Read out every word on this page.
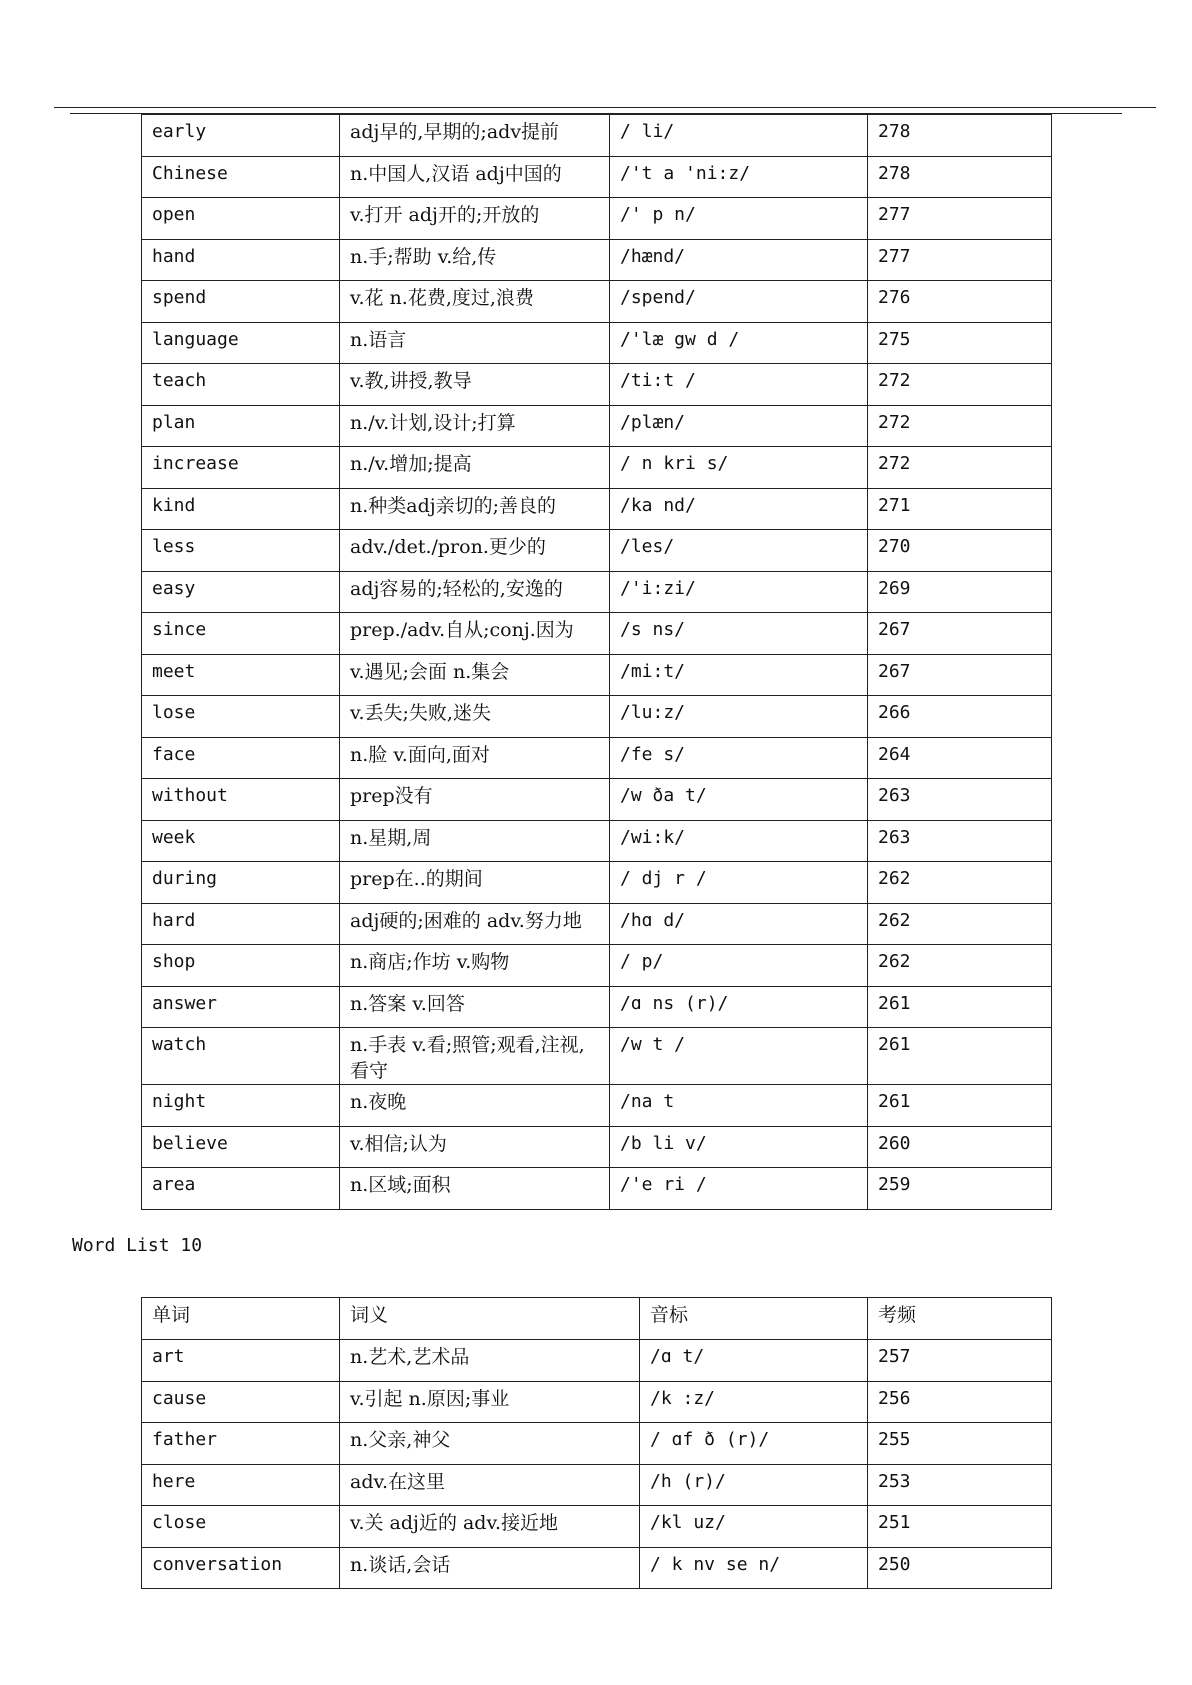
early	adj早的,早期的;adv提前	/ li/	278
Chinese	n.中国人,汉语 adj中国的	/'t a 'ni:z/	278
open	v.打开 adj开的;开放的	/' p n/	277
hand	n.手;帮助 v.给,传	/hænd/	277
spend	v.花 n.花费,度过,浪费	/spend/	276
language	n.语言	/'læ gw d /	275
teach	v.教,讲授,教导	/ti:t /	272
plan	n./v.计划,设计;打算	/plæn/	272
increase	n./v.增加;提高	/ n kri s/	272
kind	n.种类adj亲切的;善良的	/ka nd/	271
less	adv./det./pron.更少的	/les/	270
easy	adj容易的;轻松的,安逸的	/'i:zi/	269
since	prep./adv.自从;conj.因为	/s ns/	267
meet	v.遇见;会面 n.集会	/mi:t/	267
lose	v.丢失;失败,迷失	/lu:z/	266
face	n.脸 v.面向,面对	/fe s/	264
without	prep没有	/w ða t/	263
week	n.星期,周	/wi:k/	263
during	prep在..的期间	/ dj r /	262
hard	adj硬的;困难的 adv.努力地	/hɑ d/	262
shop	n.商店;作坊 v.购物	/ p/	262
answer	n.答案 v.回答	/ɑ ns (r)/	261
watch	n.手表 v.看;照管;观看,注视,看守	/w t /	261
night	n.夜晚	/na t	261
believe	v.相信;认为	/b li v/	260
area	n.区域;面积	/'e ri /	259
Word List 10
单词	词义	音标	考频
art	n.艺术,艺术品	/ɑ t/	257
cause	v.引起 n.原因;事业	/k :z/	256
father	n.父亲,神父	/ ɑf ð (r)/	255
here	adv.在这里	/h (r)/	253
close	v.关 adj近的 adv.接近地	/kl uz/	251
conversation	n.谈话,会话	/ k nv se n/	250
